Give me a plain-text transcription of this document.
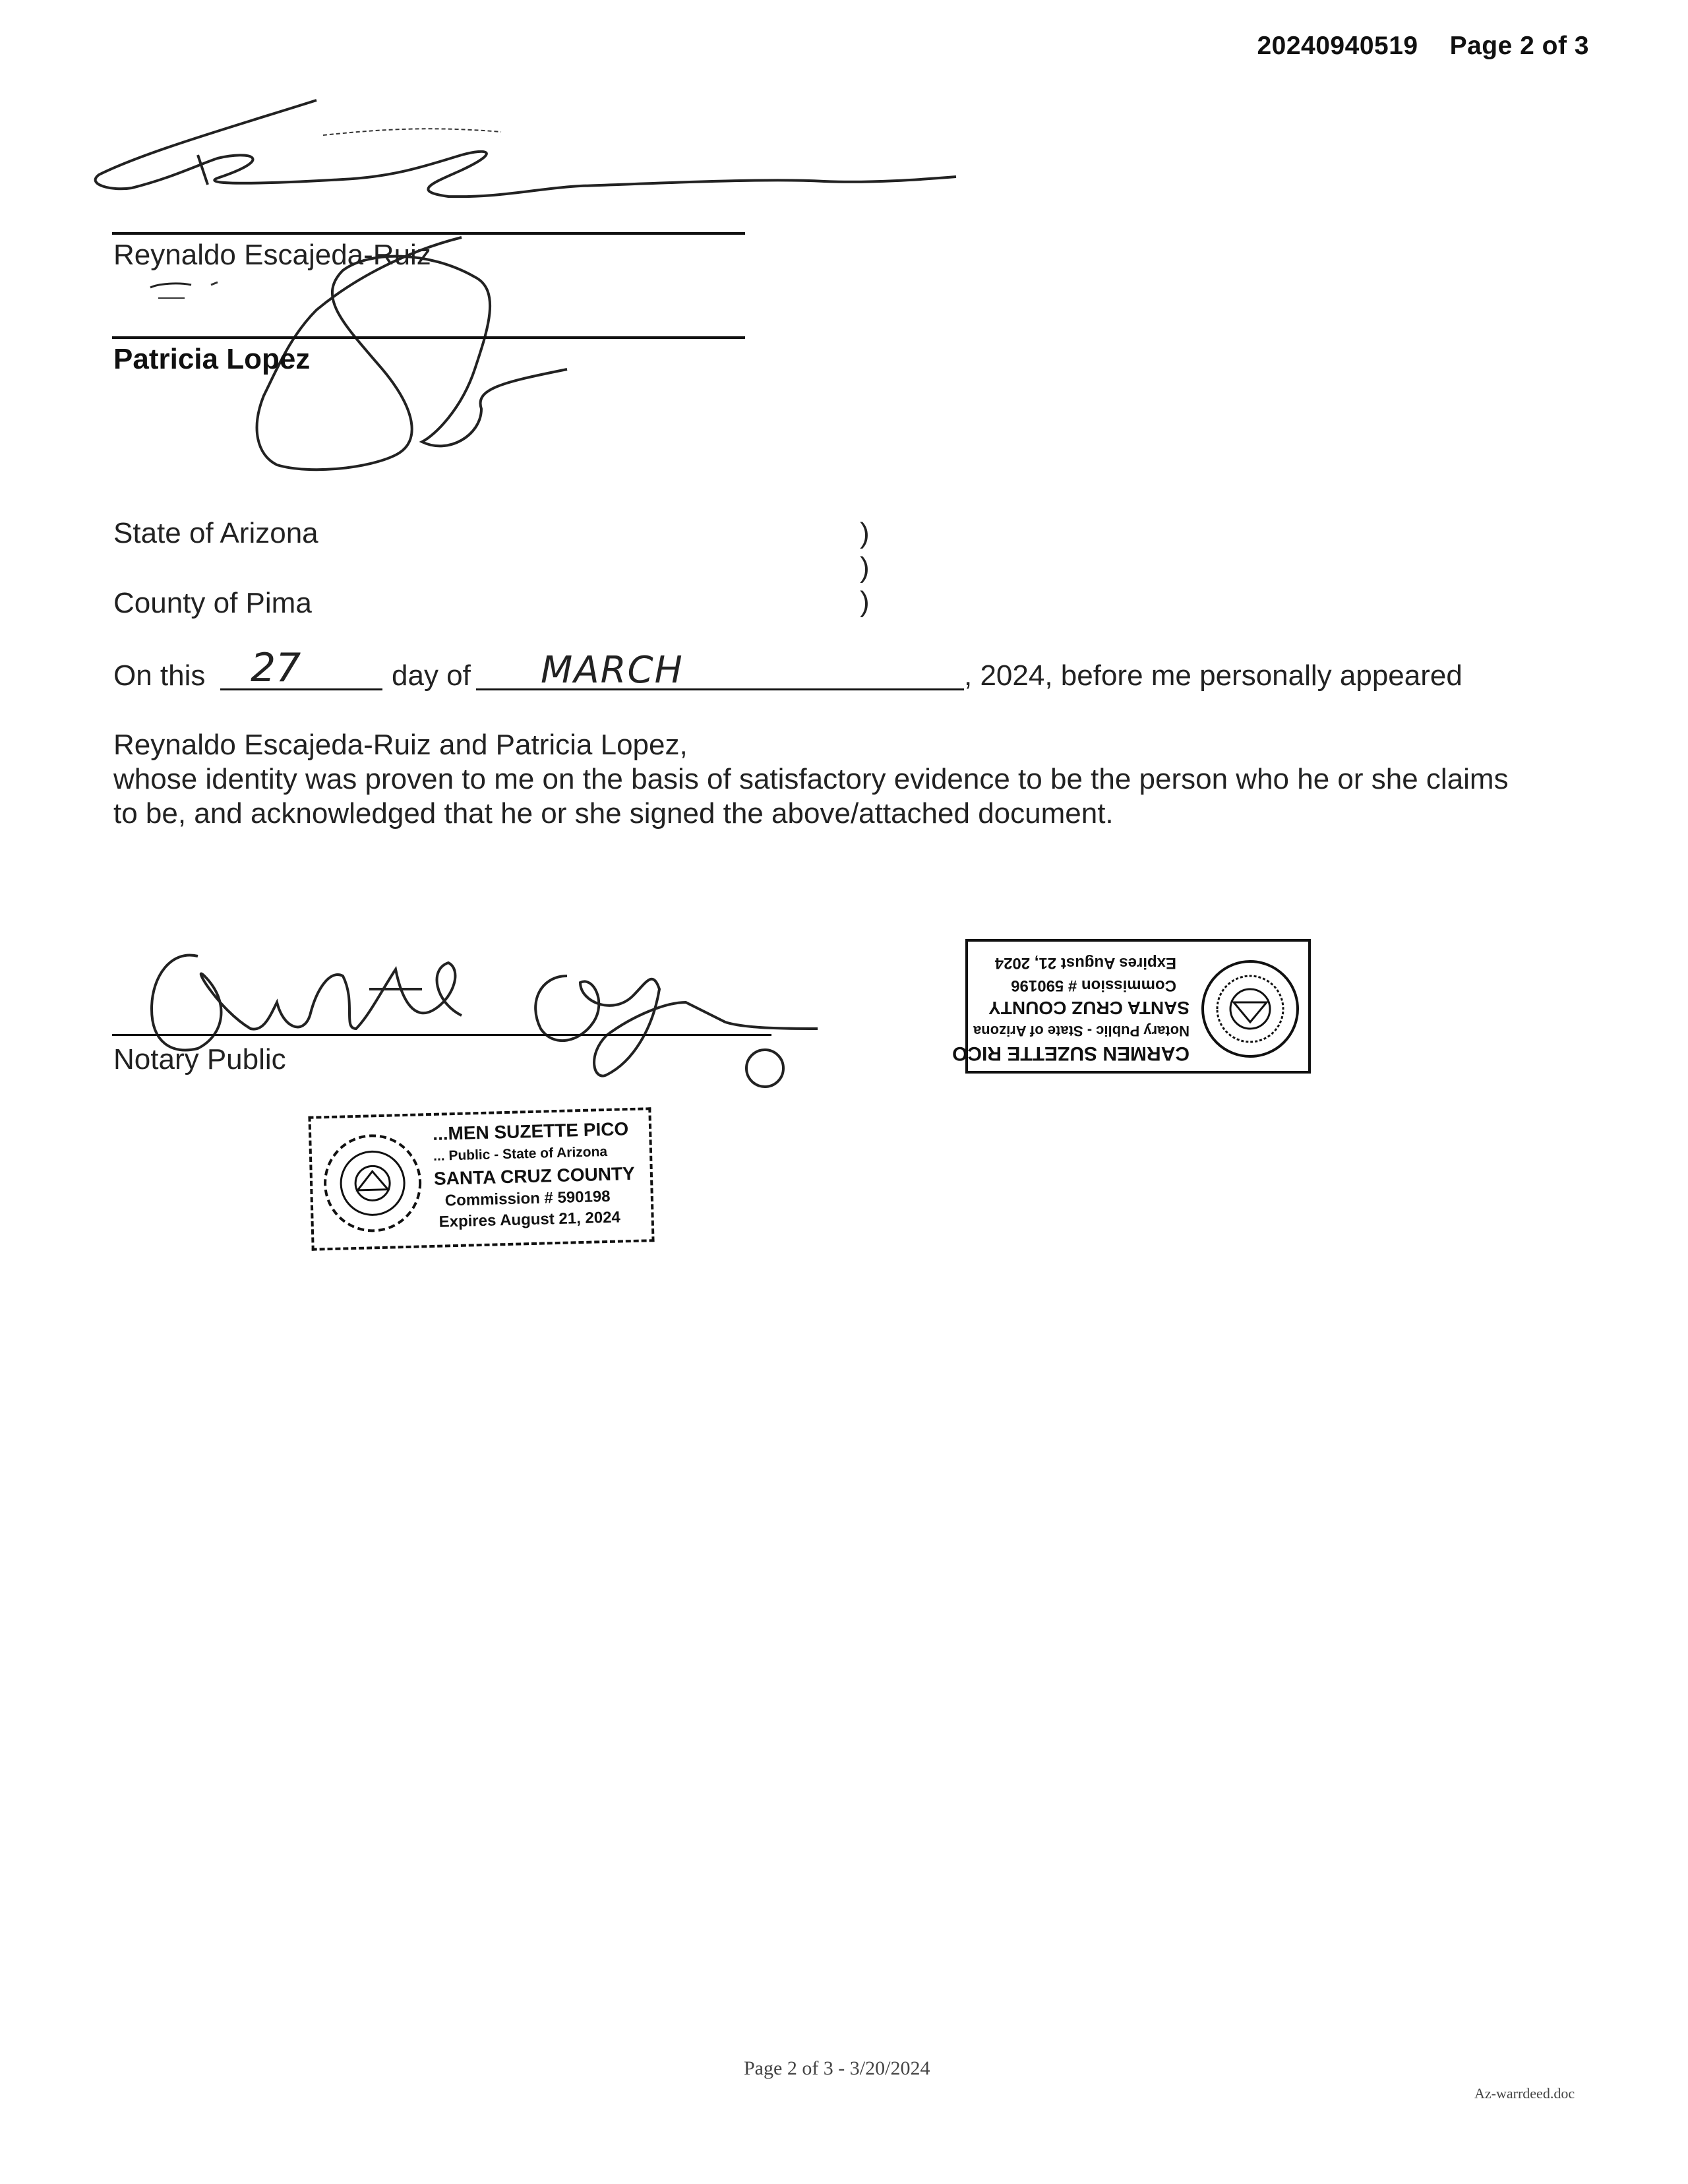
20240940519 Page 2 of 3
Reynaldo Escajeda-Ruiz
Patricia Lopez
State of Arizona
County of Pima
)
)
)
On this 27	day of MARCH	, 2024, before me personally appeared
Reynaldo Escajeda-Ruiz and Patricia Lopez,
whose identity was proven to me on the basis of satisfactory evidence to be the person who he or she claims
to be, and acknowledged that he or she signed the above/attached document.
Notary Public	CARMEN SUZETTE RICO
Notary Public - State of Arizona
SANTA CRUZ COUNTY
Commission # 590196
Expires August 21, 2024
...MEN SUZETTE PICO
... Public - State of Arizona
SANTA CRUZ COUNTY
Commission # 590198
Expires August 21, 2024
Page 2 of 3 - 3/20/2024
Az-warrdeed.doc
